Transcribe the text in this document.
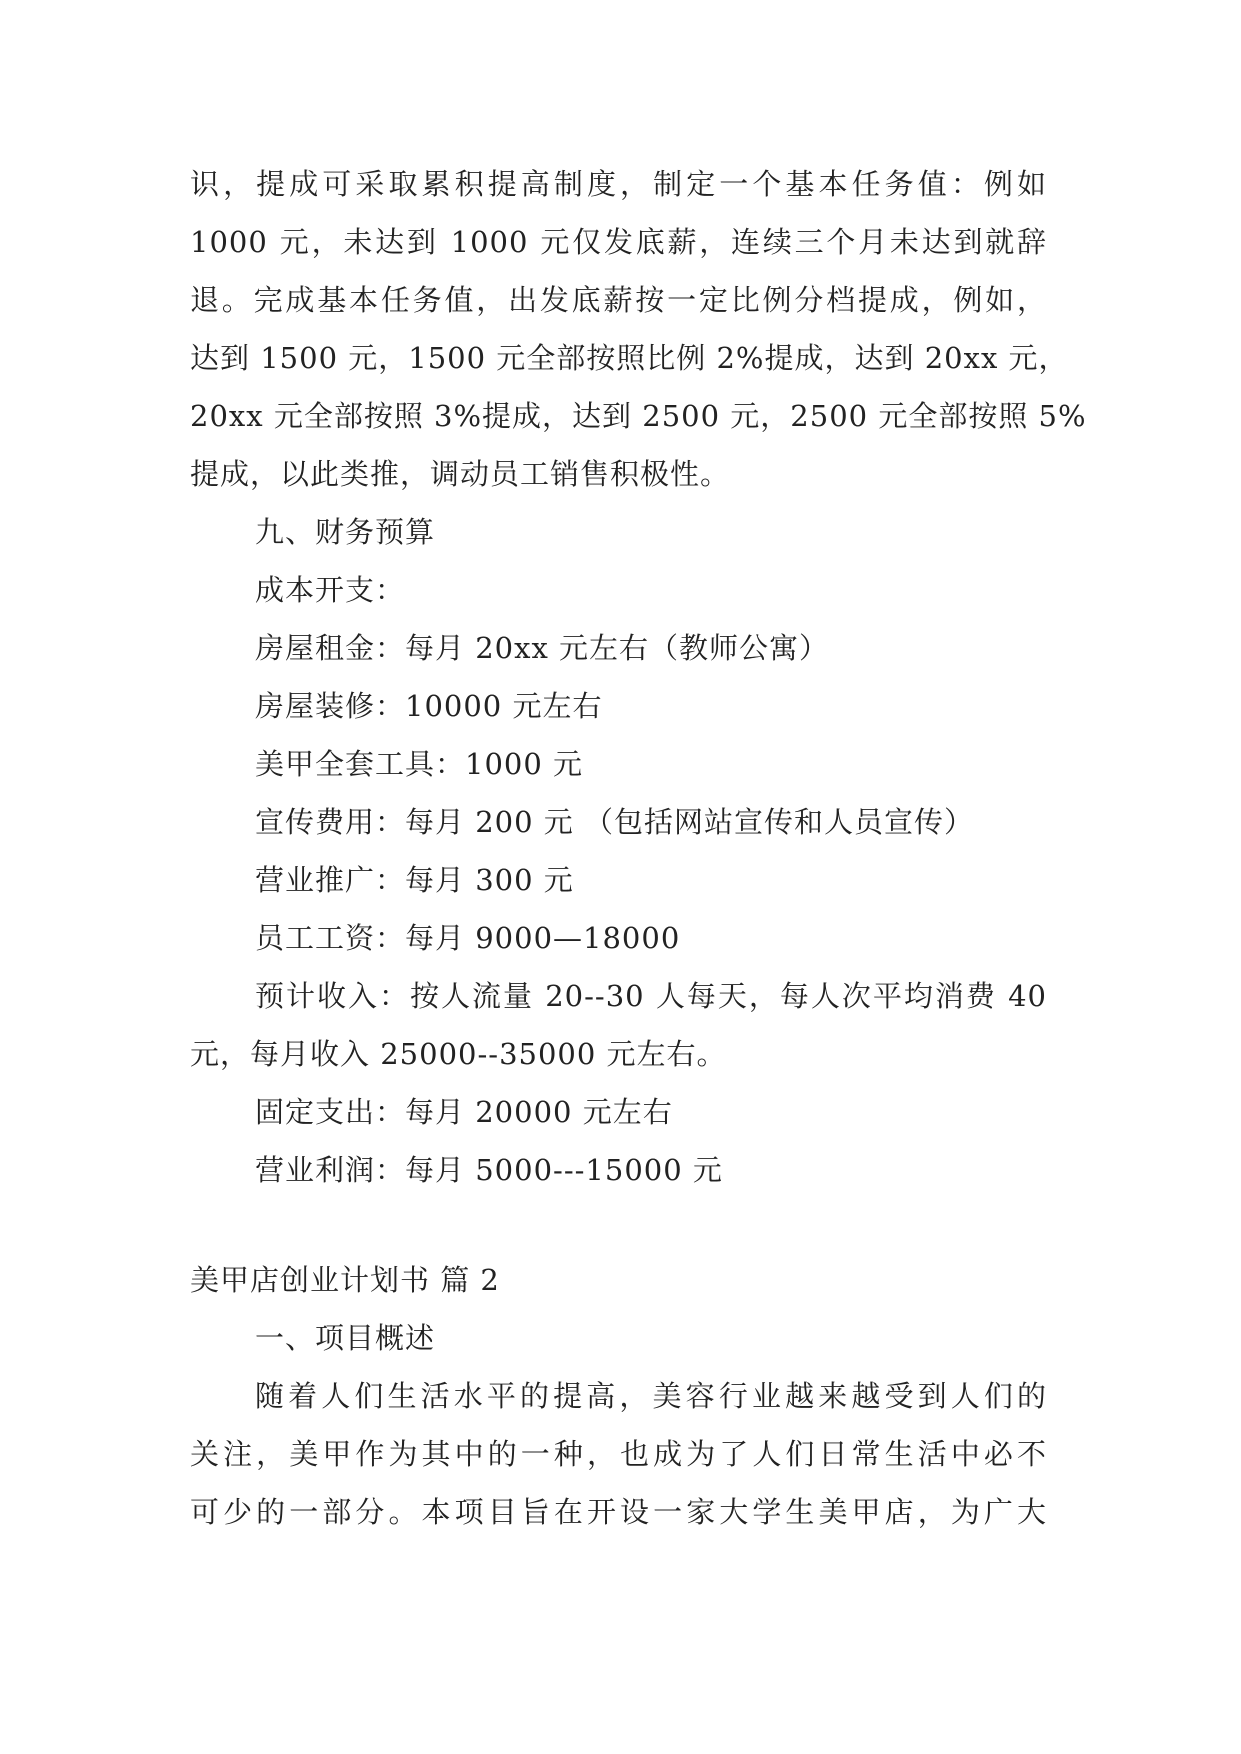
识，提成可采取累积提高制度，制定一个基本任务值：例如
1000 元，未达到 1000 元仅发底薪，连续三个月未达到就辞
退。完成基本任务值，出发底薪按一定比例分档提成，例如，
达到 1500 元，1500 元全部按照比例 2%提成，达到 20xx 元，
20xx 元全部按照 3%提成，达到 2500 元，2500 元全部按照 5%
提成，以此类推，调动员工销售积极性。
九、财务预算
成本开支：
房屋租金：每月 20xx 元左右（教师公寓）
房屋装修：10000 元左右
美甲全套工具：1000 元
宣传费用：每月 200 元 （包括网站宣传和人员宣传）
营业推广：每月 300 元
员工工资：每月 9000—18000
预计收入：按人流量 20--30 人每天，每人次平均消费 40
元，每月收入 25000--35000 元左右。
固定支出：每月 20000 元左右
营业利润：每月 5000---15000 元
美甲店创业计划书 篇 2
一、项目概述
随着人们生活水平的提高，美容行业越来越受到人们的
关注，美甲作为其中的一种，也成为了人们日常生活中必不
可少的一部分。本项目旨在开设一家大学生美甲店，为广大
